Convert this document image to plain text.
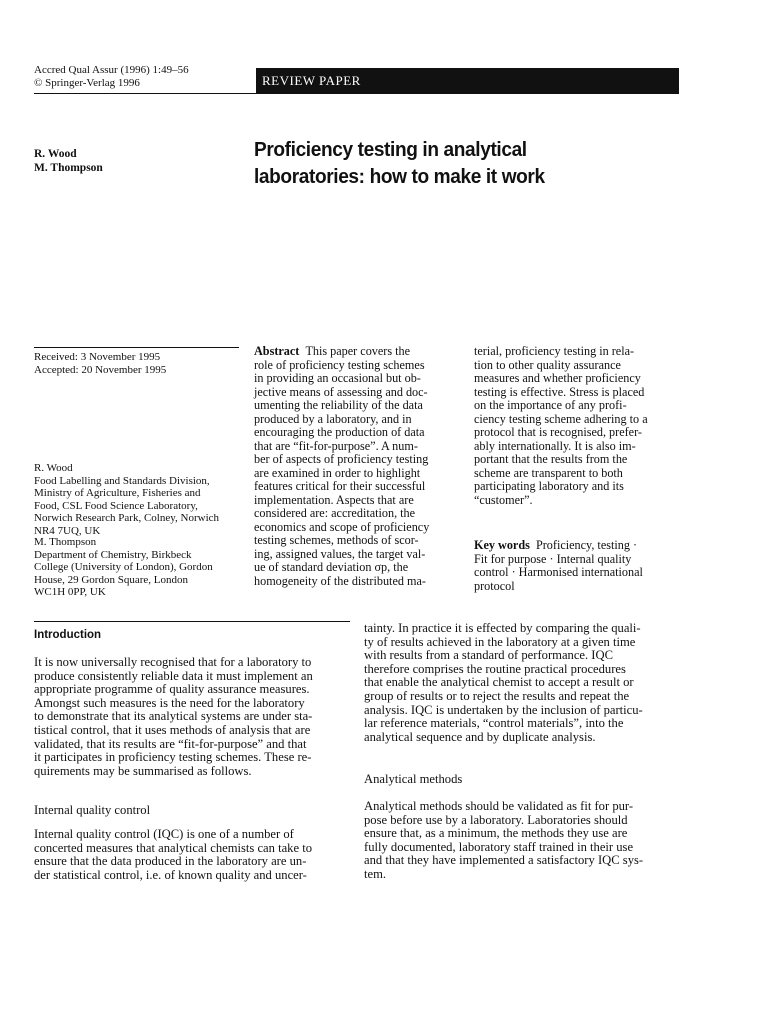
Accred Qual Assur (1996) 1:49–56
© Springer-Verlag 1996	REVIEW PAPER
R. Wood
M. Thompson
Proficiency testing in analytical
laboratories: how to make it work
Received: 3 November 1995
Accepted: 20 November 1995
R. Wood
Food Labelling and Standards Division,
Ministry of Agriculture, Fisheries and
Food, CSL Food Science Laboratory,
Norwich Research Park, Colney, Norwich
NR4 7UQ, UK
M. Thompson
Department of Chemistry, Birkbeck
College (University of London), Gordon
House, 29 Gordon Square, London
WC1H 0PP, UK
Abstract This paper covers the
role of proficiency testing schemes
in providing an occasional but ob-
jective means of assessing and doc-
umenting the reliability of the data
produced by a laboratory, and in
encouraging the production of data
that are “fit-for-purpose”. A num-
ber of aspects of proficiency testing
are examined in order to highlight
features critical for their successful
implementation. Aspects that are
considered are: accreditation, the
economics and scope of proficiency
testing schemes, methods of scor-
ing, assigned values, the target val-
ue of standard deviation σp, the
homogeneity of the distributed ma-
terial, proficiency testing in rela-
tion to other quality assurance
measures and whether proficiency
testing is effective. Stress is placed
on the importance of any profi-
ciency testing scheme adhering to a
protocol that is recognised, prefer-
ably internationally. It is also im-
portant that the results from the
scheme are transparent to both
participating laboratory and its
“customer”.
Key words Proficiency, testing ·
Fit for purpose · Internal quality
control · Harmonised international
protocol
Introduction
It is now universally recognised that for a laboratory to
produce consistently reliable data it must implement an
appropriate programme of quality assurance measures.
Amongst such measures is the need for the laboratory
to demonstrate that its analytical systems are under sta-
tistical control, that it uses methods of analysis that are
validated, that its results are “fit-for-purpose” and that
it participates in proficiency testing schemes. These re-
quirements may be summarised as follows.
Internal quality control
Internal quality control (IQC) is one of a number of
concerted measures that analytical chemists can take to
ensure that the data produced in the laboratory are un-
der statistical control, i.e. of known quality and uncer-
tainty. In practice it is effected by comparing the quali-
ty of results achieved in the laboratory at a given time
with results from a standard of performance. IQC
therefore comprises the routine practical procedures
that enable the analytical chemist to accept a result or
group of results or to reject the results and repeat the
analysis. IQC is undertaken by the inclusion of particu-
lar reference materials, “control materials”, into the
analytical sequence and by duplicate analysis.
Analytical methods
Analytical methods should be validated as fit for pur-
pose before use by a laboratory. Laboratories should
ensure that, as a minimum, the methods they use are
fully documented, laboratory staff trained in their use
and that they have implemented a satisfactory IQC sys-
tem.
